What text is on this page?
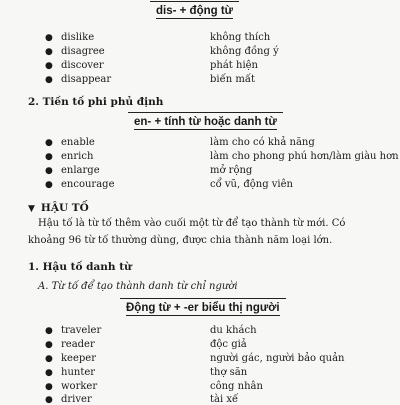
dis- + động từ
● dislike	không thích
● disagree	không đồng ý
● discover	phát hiện
● disappear	biến mất
2. Tiền tố phi phủ định
en- + tính từ hoặc danh từ
● enable	làm cho có khả năng
● enrich	làm cho phong phú hơn/làm giàu hơn
● enlarge	mở rộng
● encourage	cổ vũ, động viên
▼ HẬU TỐ
Hậu tố là từ tố thêm vào cuối một từ để tạo thành từ mới. Có khoảng 96 từ tố thường dùng, được chia thành năm loại lớn.
1. Hậu tố danh từ
A. Từ tố để tạo thành danh từ chỉ người
Động từ + -er biểu thị người
● traveler	du khách
● reader	độc giả
● keeper	người gác, người bảo quản
● hunter	thợ săn
● worker	công nhân
● driver	tài xế
